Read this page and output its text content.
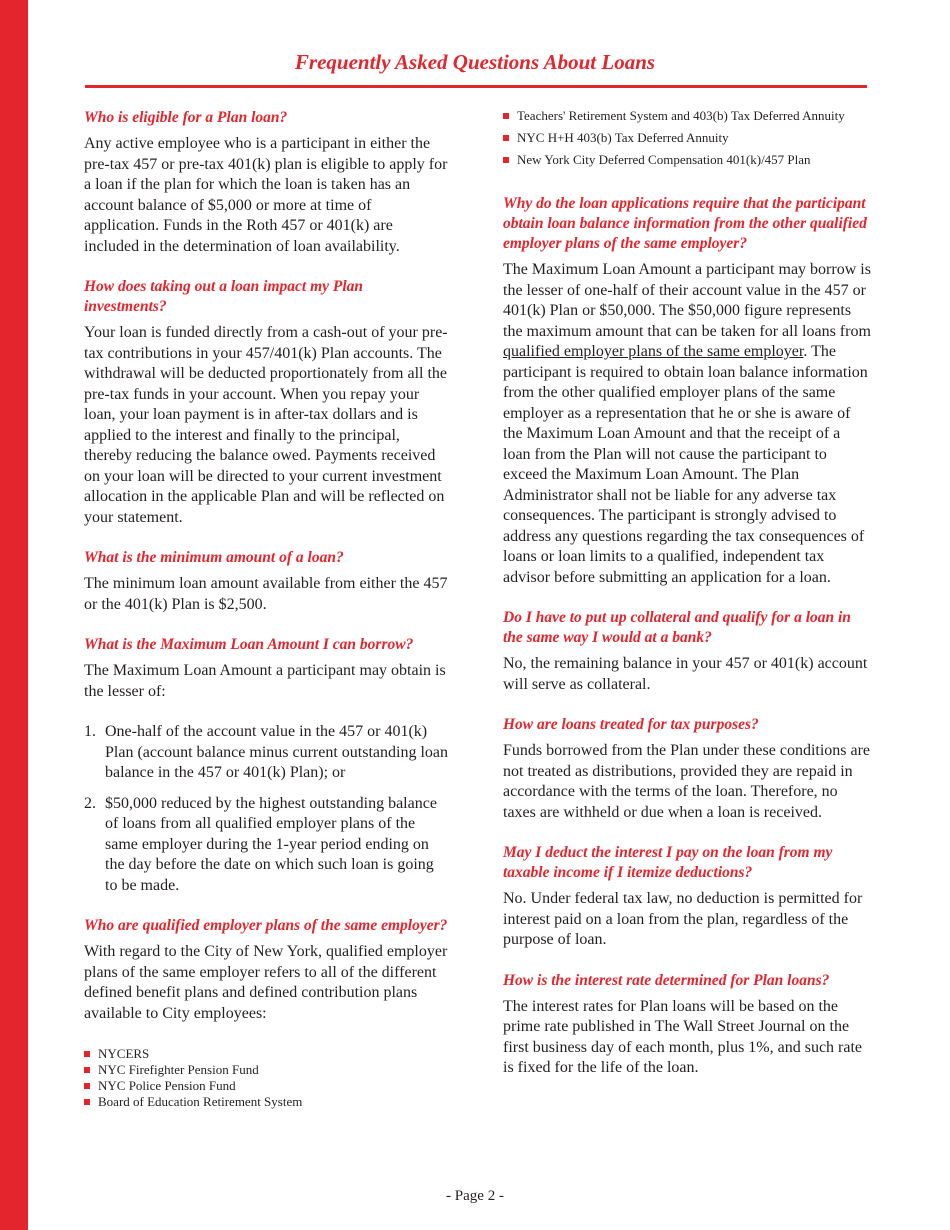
Frequently Asked Questions About Loans
Who is eligible for a Plan loan?
Any active employee who is a participant in either the pre-tax 457 or pre-tax 401(k) plan is eligible to apply for a loan if the plan for which the loan is taken has an account balance of $5,000 or more at time of application. Funds in the Roth 457 or 401(k) are included in the determination of loan availability.
How does taking out a loan impact my Plan investments?
Your loan is funded directly from a cash-out of your pre-tax contributions in your 457/401(k) Plan accounts. The withdrawal will be deducted proportionately from all the pre-tax funds in your account. When you repay your loan, your loan payment is in after-tax dollars and is applied to the interest and finally to the principal, thereby reducing the balance owed. Payments received on your loan will be directed to your current investment allocation in the applicable Plan and will be reflected on your statement.
What is the minimum amount of a loan?
The minimum loan amount available from either the 457 or the 401(k) Plan is $2,500.
What is the Maximum Loan Amount I can borrow?
The Maximum Loan Amount a participant may obtain is the lesser of:
1. One-half of the account value in the 457 or 401(k) Plan (account balance minus current outstanding loan balance in the 457 or 401(k) Plan); or
2. $50,000 reduced by the highest outstanding balance of loans from all qualified employer plans of the same employer during the 1-year period ending on the day before the date on which such loan is going to be made.
Who are qualified employer plans of the same employer?
With regard to the City of New York, qualified employer plans of the same employer refers to all of the different defined benefit plans and defined contribution plans available to City employees:
NYCERS
NYC Firefighter Pension Fund
NYC Police Pension Fund
Board of Education Retirement System
Teachers' Retirement System and 403(b) Tax Deferred Annuity
NYC H+H 403(b) Tax Deferred Annuity
New York City Deferred Compensation 401(k)/457 Plan
Why do the loan applications require that the participant obtain loan balance information from the other qualified employer plans of the same employer?
The Maximum Loan Amount a participant may borrow is the lesser of one-half of their account value in the 457 or 401(k) Plan or $50,000. The $50,000 figure represents the maximum amount that can be taken for all loans from qualified employer plans of the same employer. The participant is required to obtain loan balance information from the other qualified employer plans of the same employer as a representation that he or she is aware of the Maximum Loan Amount and that the receipt of a loan from the Plan will not cause the participant to exceed the Maximum Loan Amount. The Plan Administrator shall not be liable for any adverse tax consequences. The participant is strongly advised to address any questions regarding the tax consequences of loans or loan limits to a qualified, independent tax advisor before submitting an application for a loan.
Do I have to put up collateral and qualify for a loan in the same way I would at a bank?
No, the remaining balance in your 457 or 401(k) account will serve as collateral.
How are loans treated for tax purposes?
Funds borrowed from the Plan under these conditions are not treated as distributions, provided they are repaid in accordance with the terms of the loan. Therefore, no taxes are withheld or due when a loan is received.
May I deduct the interest I pay on the loan from my taxable income if I itemize deductions?
No. Under federal tax law, no deduction is permitted for interest paid on a loan from the plan, regardless of the purpose of loan.
How is the interest rate determined for Plan loans?
The interest rates for Plan loans will be based on the prime rate published in The Wall Street Journal on the first business day of each month, plus 1%, and such rate is fixed for the life of the loan.
- Page 2 -
